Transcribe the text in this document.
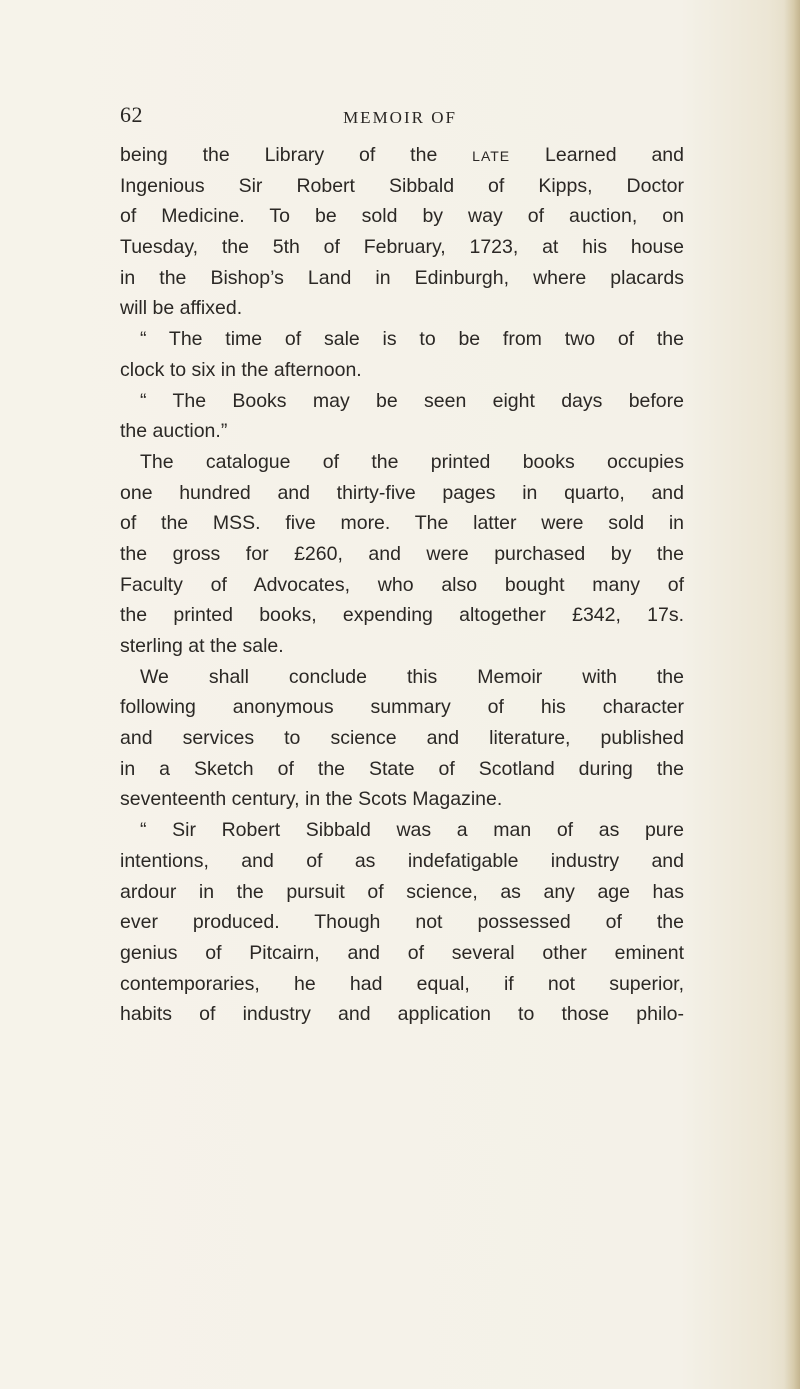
MEMOIR OF
62
being the Library of the late Learned and
Ingenious Sir Robert Sibbald of Kipps, Doctor
of Medicine. To be sold by way of auction, on
Tuesday, the 5th of February, 1723, at his house
in the Bishop’s Land in Edinburgh, where placards
will be affixed.
“ The time of sale is to be from two of the
clock to six in the afternoon.
“ The Books may be seen eight days before
the auction.”
The catalogue of the printed books occupies
one hundred and thirty-five pages in quarto, and
of the MSS. five more. The latter were sold in
the gross for £260, and were purchased by the
Faculty of Advocates, who also bought many of
the printed books, expending altogether £342, 17s.
sterling at the sale.
We shall conclude this Memoir with the
following anonymous summary of his character
and services to science and literature, published
in a Sketch of the State of Scotland during the
seventeenth century, in the Scots Magazine.
“ Sir Robert Sibbald was a man of as pure
intentions, and of as indefatigable industry and
ardour in the pursuit of science, as any age has
ever produced. Though not possessed of the
genius of Pitcairn, and of several other eminent
contemporaries, he had equal, if not superior,
habits of industry and application to those philo-
